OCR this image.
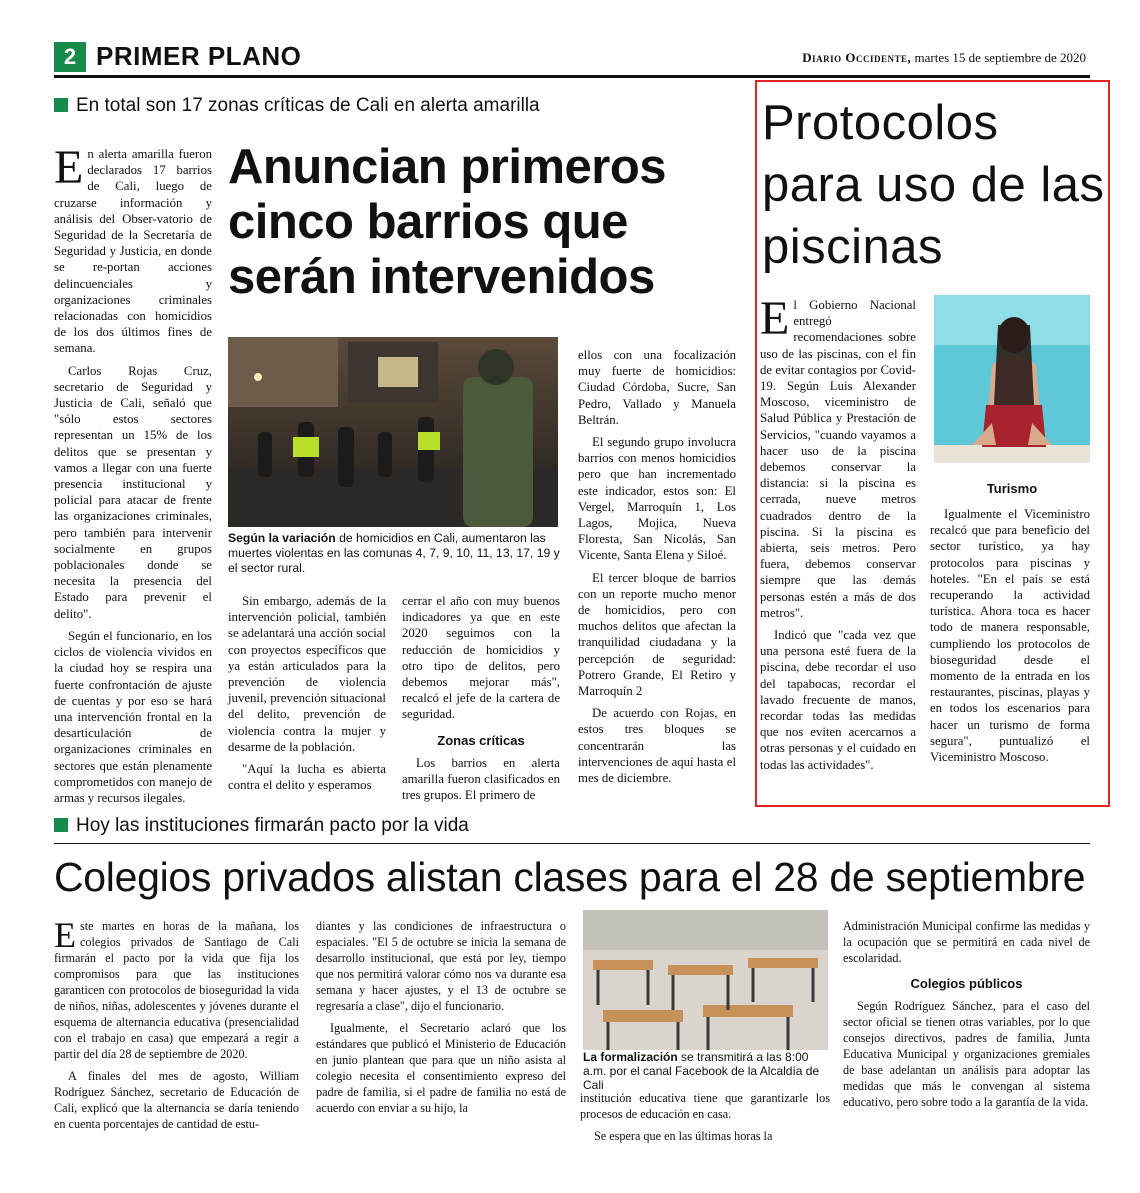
2 PRIMER PLANO	Diario Occidente, martes 15 de septiembre de 2020
En total son 17 zonas críticas de Cali en alerta amarilla

En alerta amarilla fueron declarados 17 barrios de Cali, luego de cruzarse información y análisis del Obser-vatorio de Seguridad de la Secretaría de Seguridad y Justicia, en donde se re-portan acciones delincuenciales y organizaciones criminales relacionadas con homicidios de los dos últimos fines de semana.

Carlos Rojas Cruz, secretario de Seguridad y Justicia de Cali, señaló que "sólo estos sectores representan un 15% de los delitos que se presentan y vamos a llegar con una fuerte presencia institucional y policial para atacar de frente las organizaciones criminales, pero también para intervenir socialmente en grupos poblacionales donde se necesita la presencia del Estado para prevenir el delito".

Según el funcionario, en los ciclos de violencia vividos en la ciudad hoy se respira una fuerte confrontación de ajuste de cuentas y por eso se hará una intervención frontal en la desarticulación de organizaciones criminales en sectores que están plenamente comprometidos con manejo de armas y recursos ilegales.

Anuncian primeros cinco barrios que serán intervenidos
Según la variación de homicidios en Cali, aumentaron las muertes violentas en las comunas 4, 7, 9, 10, 11, 13, 17, 19 y el sector rural.

Sin embargo, además de la intervención policial, también se adelantará una acción social con proyectos específicos que ya están articulados para la prevención de violencia juvenil, prevención situacional del delito, prevención de violencia contra la mujer y desarme de la población.

"Aquí la lucha es abierta contra el delito y esperamos

cerrar el año con muy buenos indicadores ya que en este 2020 seguimos con la reducción de homicidios y otro tipo de delitos, pero debemos mejorar más", recalcó el jefe de la cartera de seguridad.

Zonas críticas

Los barrios en alerta amarilla fueron clasificados en tres grupos. El primero de

ellos con una focalización muy fuerte de homicidios: Ciudad Córdoba, Sucre, San Pedro, Vallado y Manuela Beltrán.

El segundo grupo involucra barrios con menos homicidios pero que han incrementado este indicador, estos son: El Vergel, Marroquín 1, Los Lagos, Mojica, Nueva Floresta, San Nicolás, San Vicente, Santa Elena y Siloé.

El tercer bloque de barrios con un reporte mucho menor de homicidios, pero con muchos delitos que afectan la tranquilidad ciudadana y la percepción de seguridad: Potrero Grande, El Retiro y Marroquín 2

De acuerdo con Rojas, en estos tres bloques se concentrarán las intervenciones de aquí hasta el mes de diciembre.

Protocolos para uso de las piscinas

El Gobierno Nacional entregó recomendaciones sobre uso de las piscinas, con el fin de evitar contagios por Covid-19. Según Luis Alexander Moscoso, viceministro de Salud Pública y Prestación de Servicios, "cuando vayamos a hacer uso de la piscina debemos conservar la distancia: si la piscina es cerrada, nueve metros cuadrados dentro de la piscina. Si la piscina es abierta, seis metros. Pero fuera, debemos conservar siempre que las demás personas estén a más de dos metros".

Indicó que "cada vez que una persona esté fuera de la piscina, debe recordar el uso del tapabocas, recordar el lavado frecuente de manos, recordar todas las medidas que nos eviten acercarnos a otras personas y el cuidado en todas las actividades".

Turismo

Igualmente el Viceministro recalcó que para beneficio del sector turístico, ya hay protocolos para piscinas y hoteles. "En el país se está recuperando la actividad turística. Ahora toca es hacer todo de manera responsable, cumpliendo los protocolos de bioseguridad desde el momento de la entrada en los restaurantes, piscinas, playas y en todos los escenarios para hacer un turismo de forma segura", puntualizó el Viceministro Moscoso.

Hoy las instituciones firmarán pacto por la vida
Colegios privados alistan clases para el 28 de septiembre

Este martes en horas de la mañana, los colegios privados de Santiago de Cali firmarán el pacto por la vida que fija los compromisos para que las instituciones garanticen con protocolos de bioseguridad la vida de niños, niñas, adolescentes y jóvenes durante el esquema de alternancia educativa (presencialidad con el trabajo en casa) que empezará a regir a partir del día 28 de septiembre de 2020.

A finales del mes de agosto, William Rodríguez Sánchez, secretario de Educación de Cali, explicó que la alternancia se daría teniendo en cuenta porcentajes de cantidad de estu-

diantes y las condiciones de infraestructura o espaciales. "El 5 de octubre se inicia la semana de desarrollo institucional, que está por ley, tiempo que nos permitirá valorar cómo nos va durante esa semana y hacer ajustes, y el 13 de octubre se regresaría a clase", dijo el funcionario.

Igualmente, el Secretario aclaró que los estándares que publicó el Ministerio de Educación en junio plantean que para que un niño asista al colegio necesita el consentimiento expreso del padre de familia, si el padre de familia no está de acuerdo con enviar a su hijo, la

La formalización se transmitirá a las 8:00 a.m. por el canal Facebook de la Alcaldía de Cali

institución educativa tiene que garantizarle los procesos de educación en casa.

Se espera que en las últimas horas la

Administración Municipal confirme las medidas y la ocupación que se permitirá en cada nivel de escolaridad.

Colegios públicos

Según Rodríguez Sánchez, para el caso del sector oficial se tienen otras variables, por lo que consejos directivos, padres de familia, Junta Educativa Municipal y organizaciones gremiales de base adelantan un análisis para adoptar las medidas que más le convengan al sistema educativo, pero sobre todo a la garantía de la vida.
